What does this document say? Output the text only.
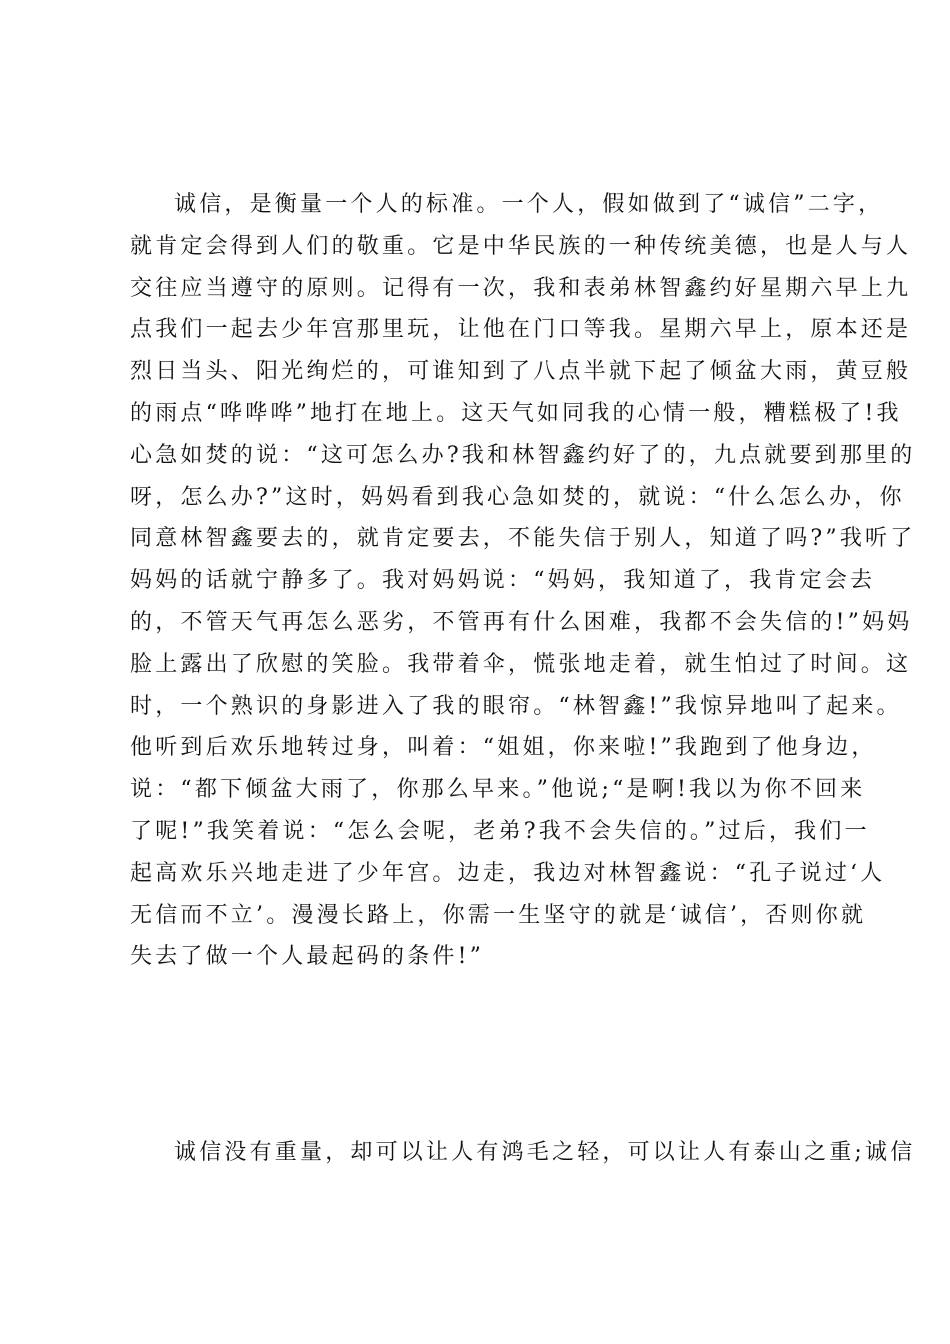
诚信，是衡量一个人的标准。一个人，假如做到了“诚信”二字，
就肯定会得到人们的敬重。它是中华民族的一种传统美德，也是人与人
交往应当遵守的原则。记得有一次，我和表弟林智鑫约好星期六早上九
点我们一起去少年宫那里玩，让他在门口等我。星期六早上，原本还是
烈日当头、阳光绚烂的，可谁知到了八点半就下起了倾盆大雨，黄豆般
的雨点“哗哗哗”地打在地上。这天气如同我的心情一般，糟糕极了!我
心急如焚的说：“这可怎么办?我和林智鑫约好了的，九点就要到那里的
呀，怎么办?”这时，妈妈看到我心急如焚的，就说：“什么怎么办，你
同意林智鑫要去的，就肯定要去，不能失信于别人，知道了吗?”我听了
妈妈的话就宁静多了。我对妈妈说：“妈妈，我知道了，我肯定会去
的，不管天气再怎么恶劣，不管再有什么困难，我都不会失信的!”妈妈
脸上露出了欣慰的笑脸。我带着伞，慌张地走着，就生怕过了时间。这
时，一个熟识的身影进入了我的眼帘。“林智鑫!”我惊异地叫了起来。
他听到后欢乐地转过身，叫着：“姐姐，你来啦!”我跑到了他身边，
说：“都下倾盆大雨了，你那么早来。”他说;“是啊!我以为你不回来
了呢!”我笑着说：“怎么会呢，老弟?我不会失信的。”过后，我们一
起高欢乐兴地走进了少年宫。边走，我边对林智鑫说：“孔子说过‘人
无信而不立’。漫漫长路上，你需一生坚守的就是‘诚信’，否则你就
失去了做一个人最起码的条件!”
诚信没有重量，却可以让人有鸿毛之轻，可以让人有泰山之重;诚信
